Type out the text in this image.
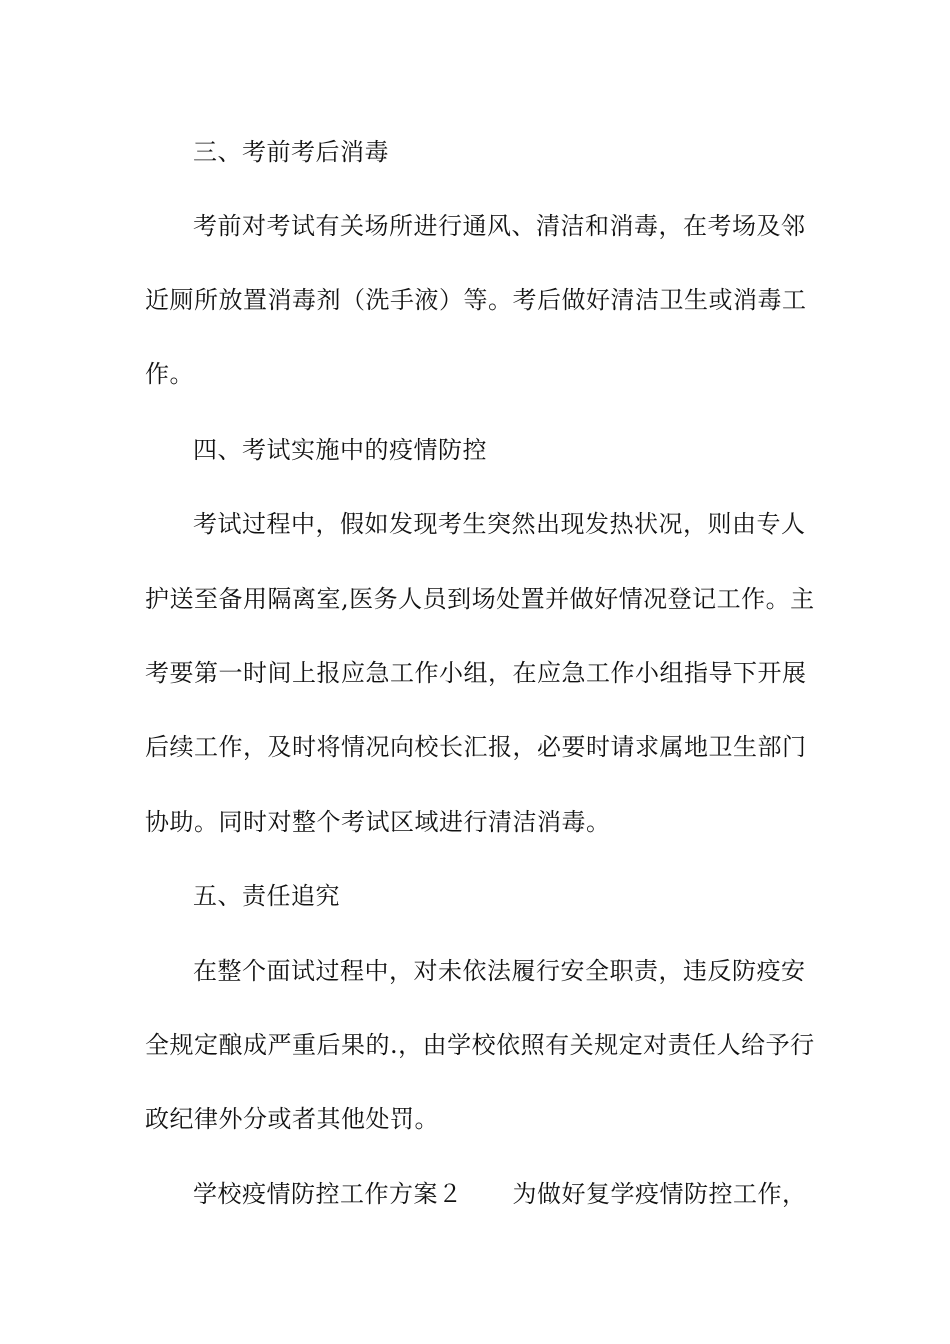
三、考前考后消毒
考前对考试有关场所进行通风、清洁和消毒，在考场及邻
近厕所放置消毒剂（洗手液）等。考后做好清洁卫生或消毒工
作。
四、考试实施中的疫情防控
考试过程中，假如发现考生突然出现发热状况，则由专人
护送至备用隔离室,医务人员到场处置并做好情况登记工作。主
考要第一时间上报应急工作小组，在应急工作小组指导下开展
后续工作，及时将情况向校长汇报，必要时请求属地卫生部门
协助。同时对整个考试区域进行清洁消毒。
五、责任追究
在整个面试过程中，对未依法履行安全职责，违反防疫安
全规定酿成严重后果的.，由学校依照有关规定对责任人给予行
政纪律外分或者其他处罚。
学校疫情防控工作方案２ 为做好复学疫情防控工作，
